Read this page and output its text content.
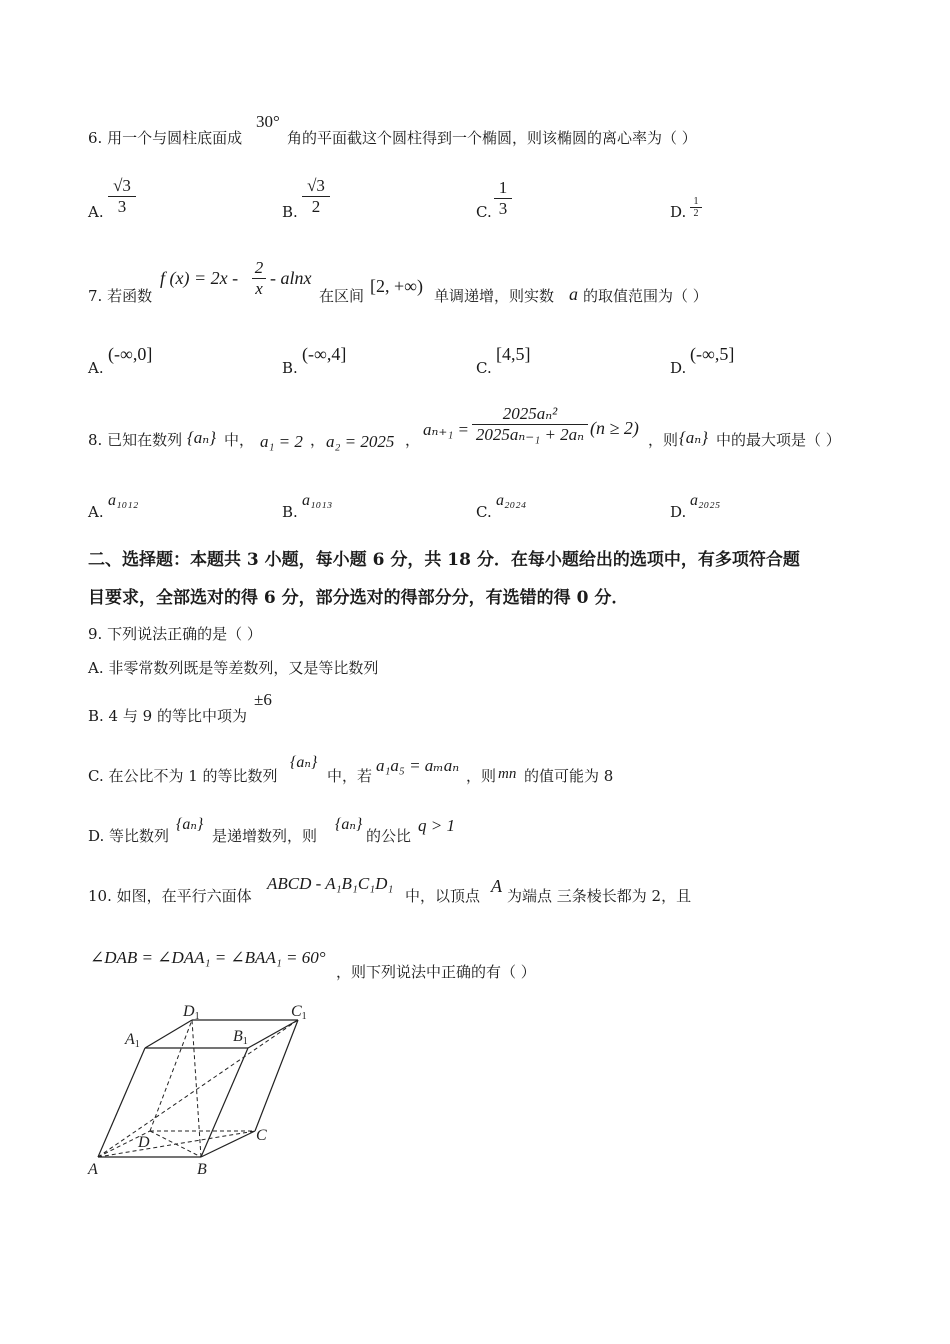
6. 用一个与圆柱底面成
30°
角的平面截这个圆柱得到一个椭圆，则该椭圆的离心率为（ ）
A.
√3
3	B.
√3
2	C.
1
3	D.
1
2
7. 若函数
f (x) = 2x -
2
x
- alnx
在区间 [2, +∞) 单调递增，则实数 a 的取值范围为（ ）
A.
(-∞,0]
B.
(-∞,4]
C.
[4,5]
D.
(-∞,5]
8. 已知在数列 {aₙ} 中， a₁ = 2 ， a₂ = 2025 ，
aₙ₊₁ =
2025aₙ²
2025aₙ₋₁ + 2aₙ (n ≥ 2)
，则 {aₙ} 中的最大项是（ ）
A.
a₁₀₁₂
B.
a₁₀₁₃
C.
a₂₀₂₄
D.
a₂₀₂₅
二、选择题：本题共 3 小题，每小题 6 分，共 18 分．在每小题给出的选项中，有多项符合题
目要求，全部选对的得 6 分，部分选对的得部分分，有选错的得 0 分．
9. 下列说法正确的是（ ）
A. 非零常数列既是等差数列，又是等比数列
B. 4 与 9 的等比中项为
±6
C. 在公比不为 1 的等比数列
{aₙ}
中，若
a₁a₅ = aₘaₙ
，则 mn 的值可能为 8
D. 等比数列
{aₙ}
是递增数列，则
{aₙ}
的公比
q > 1
10. 如图，在平行六面体
ABCD - A₁B₁C₁D₁
中，以顶点 A 为端点 三条棱长都为 2，且
∠DAB = ∠DAA₁ = ∠BAA₁ = 60°
，则下列说法中正确的有（ ）
A1
D1
B1
C1
D	C
A	B
